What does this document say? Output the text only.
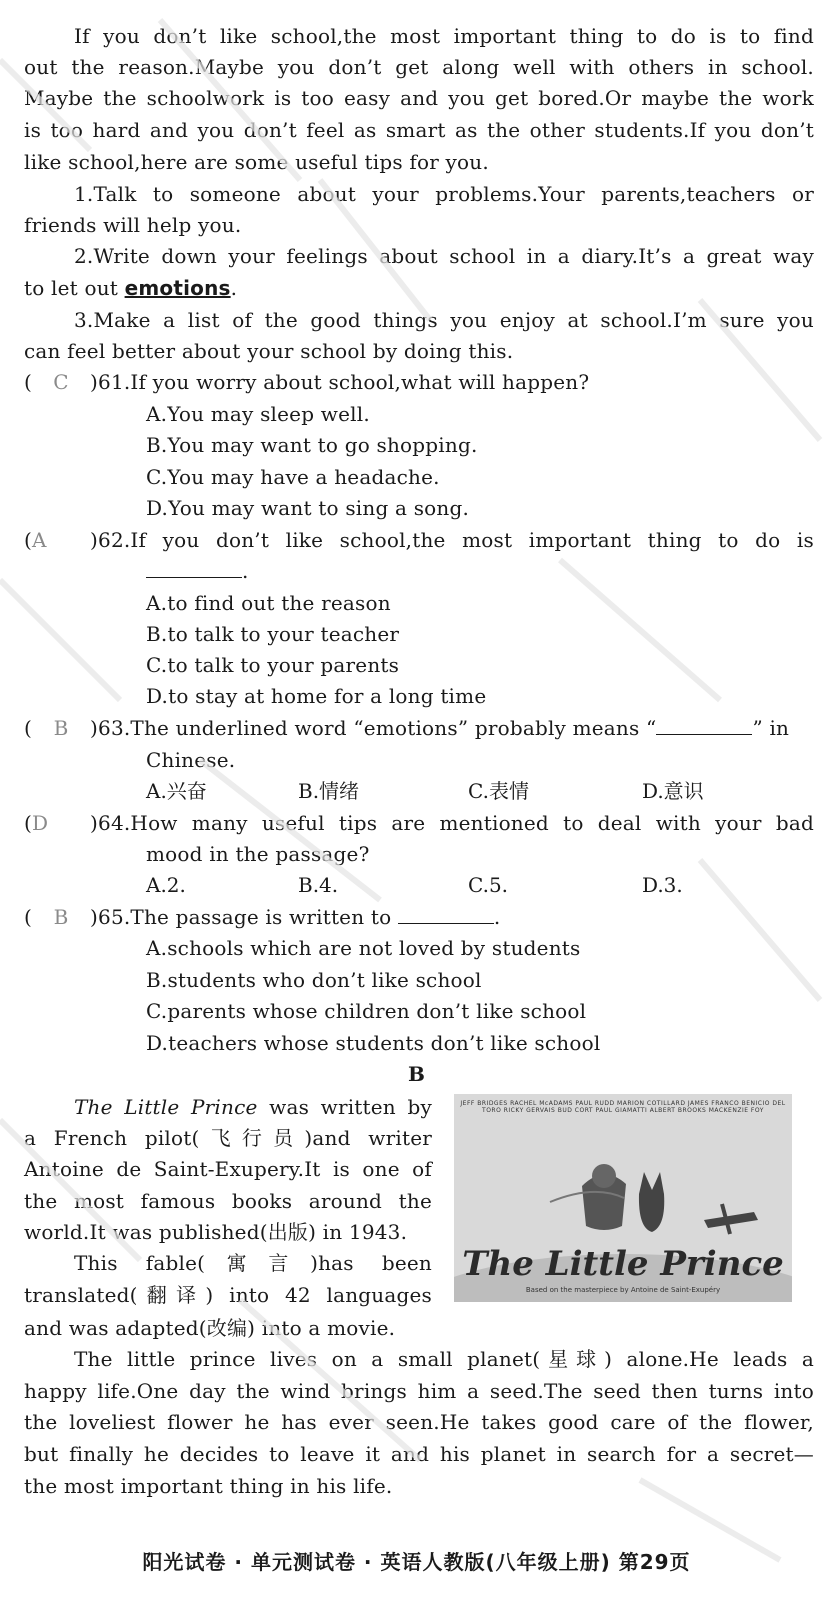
If you don’t like school,the most important thing to do is to find
out the reason.Maybe you don’t get along well with others in school.
Maybe the schoolwork is too easy and you get bored.Or maybe the work
is too hard and you don’t feel as smart as the other students.If you don’t
like school,here are some useful tips for you.
1.Talk to someone about your problems.Your parents,teachers or
friends will help you.
2.Write down your feelings about school in a diary.It’s a great way
to let out emotions.
3.Make a list of the good things you enjoy at school.I’m sure you
can feel better about your school by doing this.
( C )61.If you worry about school,what will happen?
A.You may sleep well.
B.You may want to go shopping.
C.You may have a headache.
D.You may want to sing a song.
(A )62.If you don’t like school,the most important thing to do is
.
A.to find out the reason
B.to talk to your teacher
C.to talk to your parents
D.to stay at home for a long time
( B )63.The underlined word “emotions” probably means “	” in
Chinese.
A.兴奋	B.情绪	C.表情	D.意识
(D )64.How many useful tips are mentioned to deal with your bad
mood in the passage?
A.2.	B.4.	C.5.	D.3.
( B )65.The passage is written to	.
A.schools which are not loved by students
B.students who don’t like school
C.parents whose children don’t like school
D.teachers whose students don’t like school
B
The Little Prince was written by
a French pilot(飞行员)and writer
Antoine de Saint-Exupery.It is one of
the most famous books around the
world.It was published(出版) in 1943.
This fable(寓言)has been
translated(翻译) into 42 languages
and was adapted(改编) into a movie.
JEFF BRIDGES RACHEL McADAMS PAUL RUDD MARION COTILLARD JAMES FRANCO BENICIO DEL TORO RICKY GERVAIS BUD CORT PAUL GIAMATTI ALBERT BROOKS MACKENZIE FOY
The Little Prince
Based on the masterpiece by Antoine de Saint-Exupéry
The little prince lives on a small planet(星球) alone.He leads a
happy life.One day the wind brings him a seed.The seed then turns into
the loveliest flower he has ever seen.He takes good care of the flower,
but finally he decides to leave it and his planet in search for a secret—
the most important thing in his life.
阳光试卷 · 单元测试卷 · 英语人教版(八年级上册) 第29页
